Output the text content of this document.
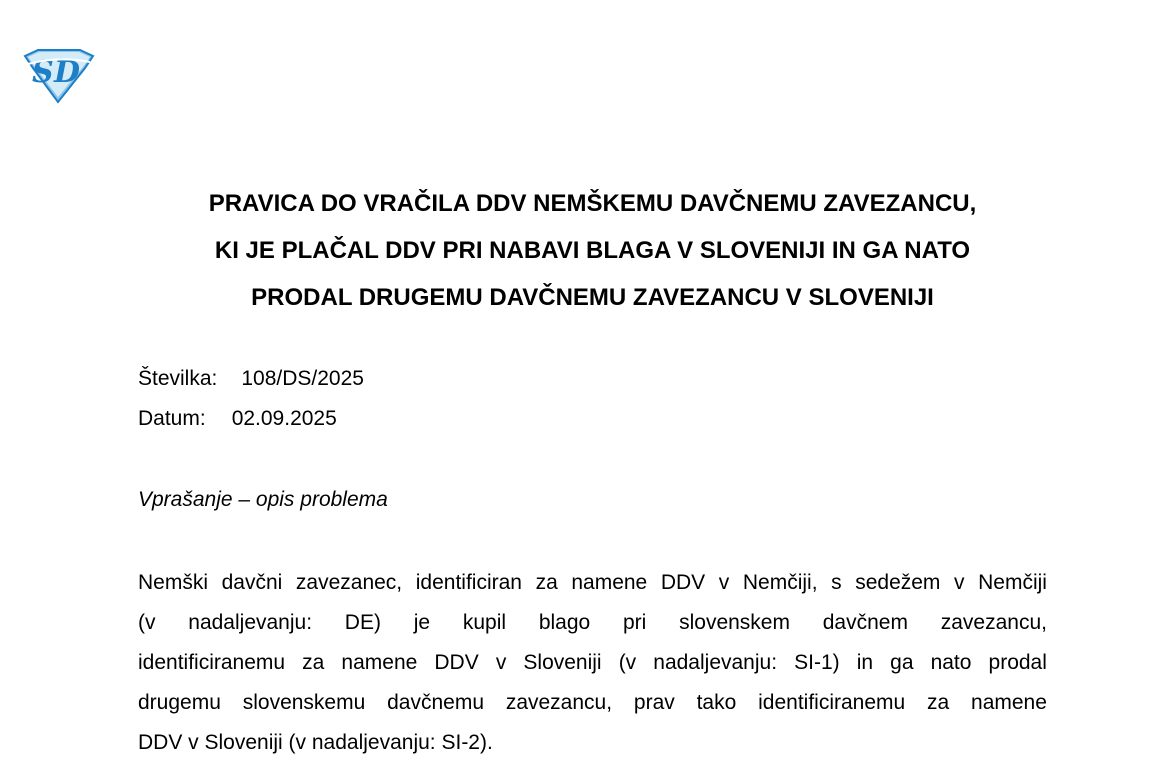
S D
PRAVICA DO VRAČILA DDV NEMŠKEMU DAVČNEMU ZAVEZANCU,
KI JE PLAČAL DDV PRI NABAVI BLAGA V SLOVENIJI IN GA NATO
PRODAL DRUGEMU DAVČNEMU ZAVEZANCU V SLOVENIJI
Številka: 108/DS/2025
Datum: 02.09.2025
Vprašanje – opis problema
Nemški davčni zavezanec, identificiran za namene DDV v Nemčiji, s sedežem v Nemčiji
(v nadaljevanju: DE) je kupil blago pri slovenskem davčnem zavezancu,
identificiranemu za namene DDV v Sloveniji (v nadaljevanju: SI-1) in ga nato prodal
drugemu slovenskemu davčnemu zavezancu, prav tako identificiranemu za namene
DDV v Sloveniji (v nadaljevanju: SI-2).
